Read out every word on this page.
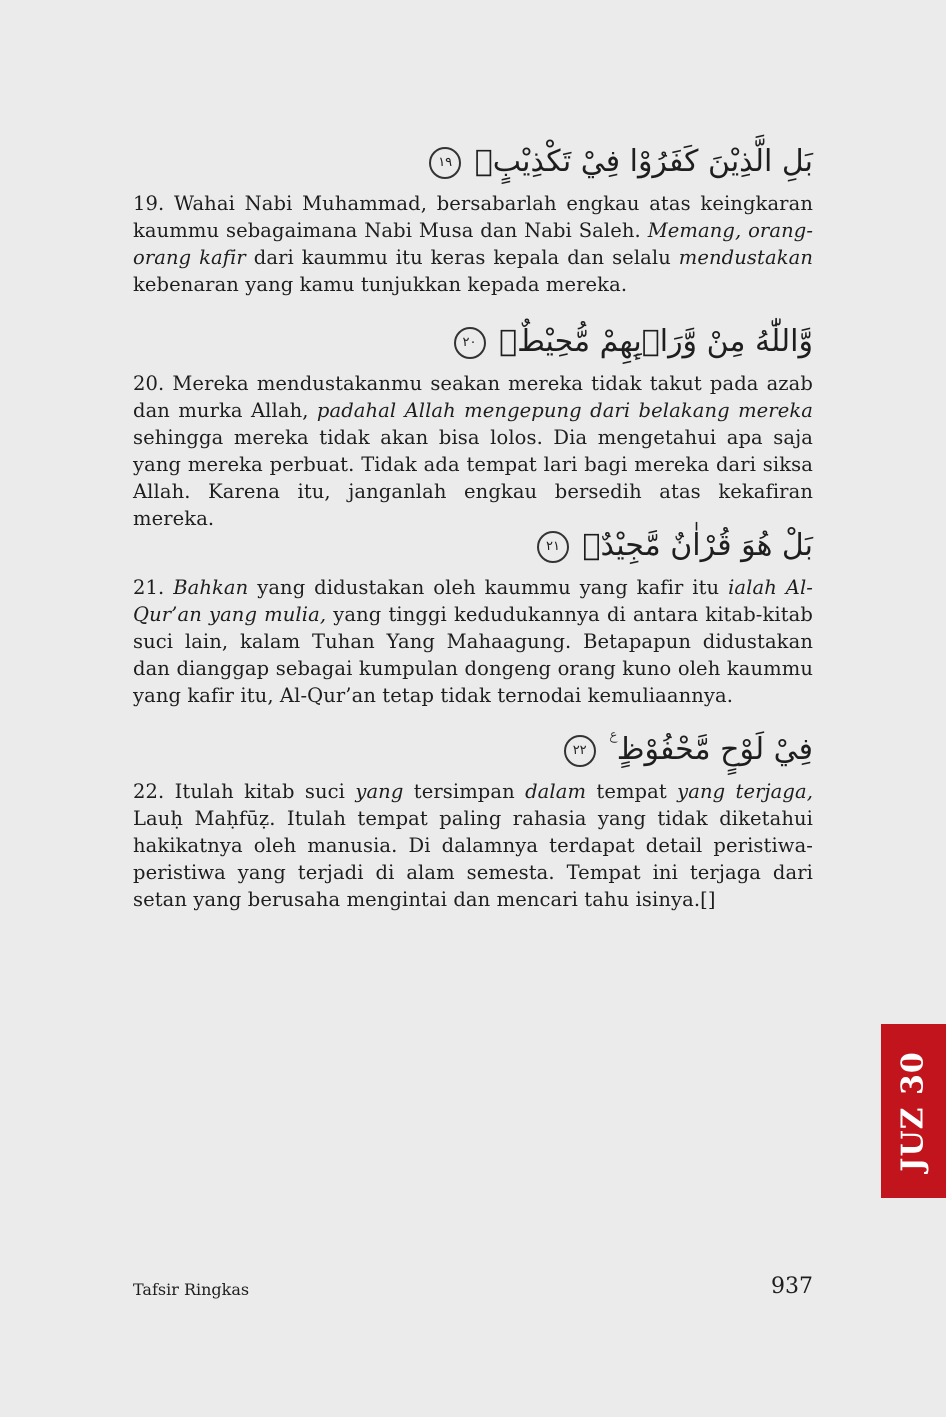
بَلِ الَّذِيْنَ كَفَرُوْا فِيْ تَكْذِيْبٍۙ ١٩
19. Wahai Nabi Muhammad, bersabarlah engkau atas keingkaran kaummu sebagaimana Nabi Musa dan Nabi Saleh. Memang, orang-orang kafir dari kaummu itu keras kepala dan selalu mendustakan kebenaran yang kamu tunjukkan kepada mereka.
وَّاللّٰهُ مِنْ وَّرَاۤىِٕهِمْ مُّحِيْطٌۚ ٢٠
20. Mereka mendustakanmu seakan mereka tidak takut pada azab dan murka Allah, padahal Allah mengepung dari belakang mereka sehingga mereka tidak akan bisa lolos. Dia mengetahui apa saja yang mereka perbuat. Tidak ada tempat lari bagi mereka dari siksa Allah. Karena itu, janganlah engkau bersedih atas kekafiran mereka.
بَلْ هُوَ قُرْاٰنٌ مَّجِيْدٌۙ ٢١
21. Bahkan yang didustakan oleh kaummu yang kafir itu ialah Al-Qur’an yang mulia, yang tinggi kedudukannya di antara kitab-kitab suci lain, kalam Tuhan Yang Mahaagung. Betapapun didustakan dan dianggap sebagai kumpulan dongeng orang kuno oleh kaummu yang kafir itu, Al-Qur’an tetap tidak ternodai kemuliaannya.
فِيْ لَوْحٍ مَّحْفُوْظٍ ࣖ ٢٢
22. Itulah kitab suci yang tersimpan dalam tempat yang terjaga, Lauḥ Maḥfūẓ. Itulah tempat paling rahasia yang tidak diketahui hakikatnya oleh manusia. Di dalamnya terdapat detail peristiwa-peristiwa yang terjadi di alam semesta. Tempat ini terjaga dari setan yang berusaha mengintai dan mencari tahu isinya.[]
JUZ 30
Tafsir Ringkas	937
